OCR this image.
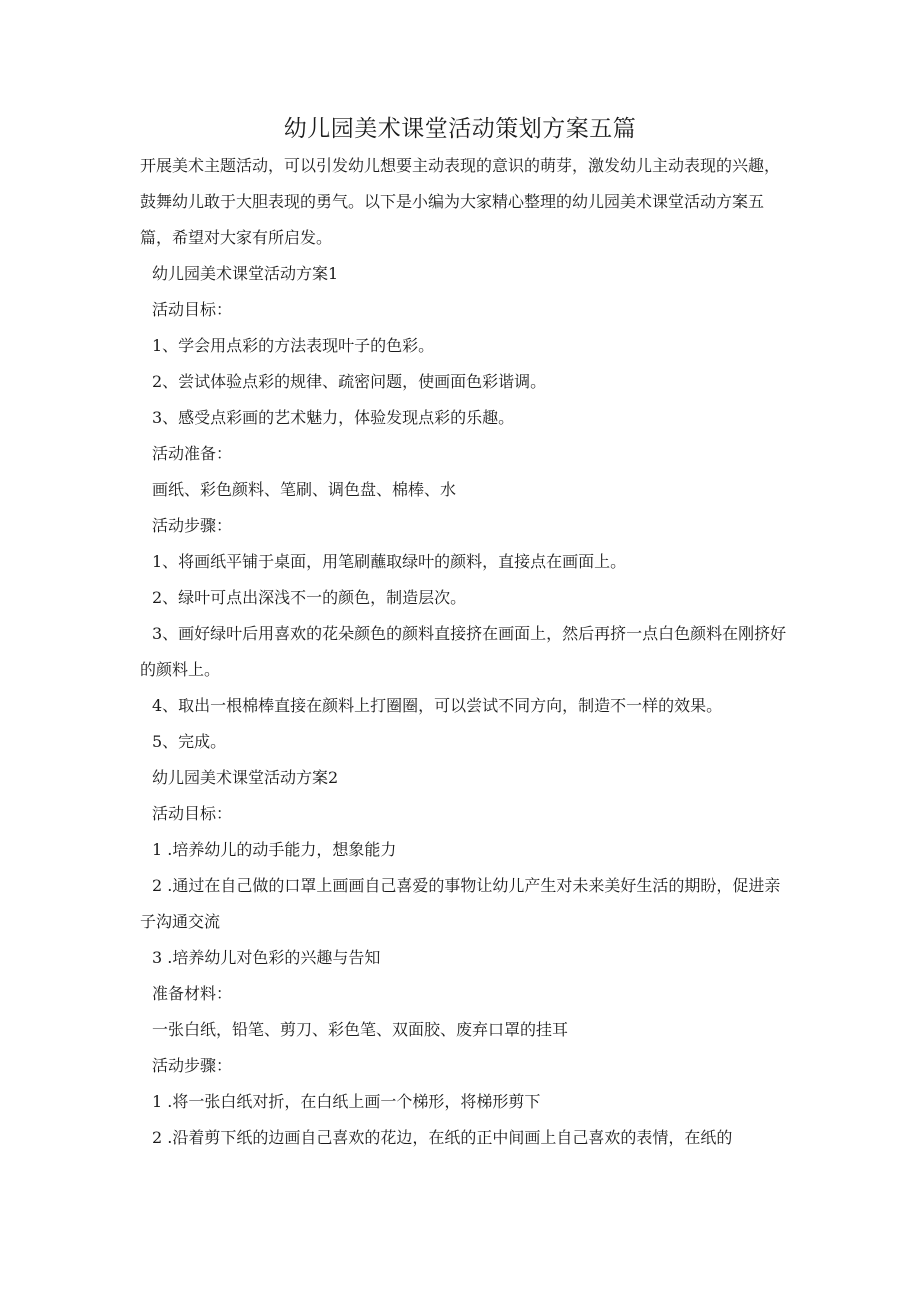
幼儿园美术课堂活动策划方案五篇

开展美术主题活动，可以引发幼儿想要主动表现的意识的萌芽，激发幼儿主动表现的兴趣，鼓舞幼儿敢于大胆表现的勇气。以下是小编为大家精心整理的幼儿园美术课堂活动方案五篇，希望对大家有所启发。

幼儿园美术课堂活动方案1

活动目标：

1、学会用点彩的方法表现叶子的色彩。

2、尝试体验点彩的规律、疏密问题，使画面色彩谐调。

3、感受点彩画的艺术魅力，体验发现点彩的乐趣。

活动准备：

画纸、彩色颜料、笔刷、调色盘、棉棒、水

活动步骤：

1、将画纸平铺于桌面，用笔刷蘸取绿叶的颜料，直接点在画面上。

2、绿叶可点出深浅不一的颜色，制造层次。

3、画好绿叶后用喜欢的花朵颜色的颜料直接挤在画面上，然后再挤一点白色颜料在刚挤好的颜料上。

4、取出一根棉棒直接在颜料上打圈圈，可以尝试不同方向，制造不一样的效果。

5、完成。

幼儿园美术课堂活动方案2

活动目标：

1 .培养幼儿的动手能力，想象能力

2 .通过在自己做的口罩上画画自己喜爱的事物让幼儿产生对未来美好生活的期盼，促进亲子沟通交流

3 .培养幼儿对色彩的兴趣与告知

准备材料：

一张白纸，铅笔、剪刀、彩色笔、双面胶、废弃口罩的挂耳

活动步骤：

1 .将一张白纸对折，在白纸上画一个梯形，将梯形剪下

2 .沿着剪下纸的边画自己喜欢的花边，在纸的正中间画上自己喜欢的表情，在纸的
